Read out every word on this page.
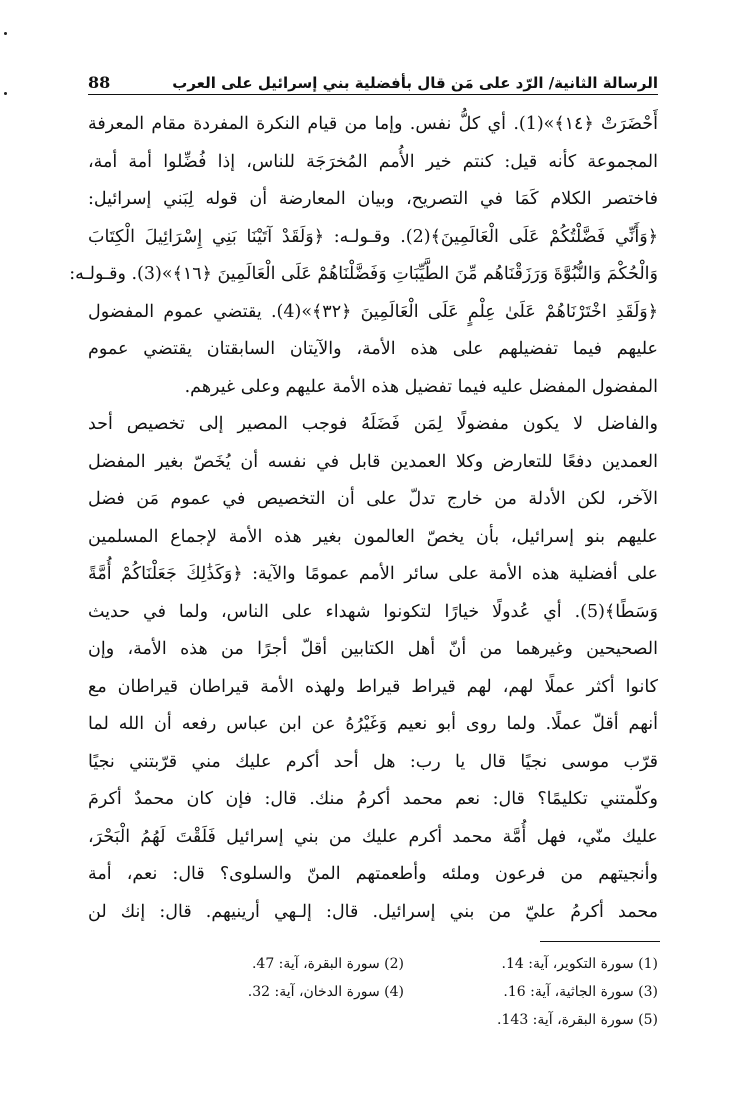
88	الرسالة الثانية/ الرّد على مَن قال بأفضلية بني إسرائيل على العرب
أَحْضَرَتْ ﴿١٤﴾»(1). أي كلُّ نفس. وإما من قيام النكرة المفردة مقام المعرفة
المجموعة كأنه قيل: كنتم خير الأُمم المُخرَجَة للناس، إذا فُضِّلوا أمة أمة،
فاختصر الكلام كَمَا في التصريح، وبيان المعارضة أن قوله لِبَني إسرائيل:
﴿وَأَنِّي فَضَّلْتُكُمْ عَلَى الْعَالَمِينَ﴾(2). وقـولـه: ﴿وَلَقَدْ آتَيْنَا بَنِي إِسْرَائِيلَ الْكِتَابَ
وَالْحُكْمَ وَالنُّبُوَّةَ وَرَزَقْنَاهُم مِّنَ الطَّيِّبَاتِ وَفَضَّلْنَاهُمْ عَلَى الْعَالَمِينَ ﴿١٦﴾»(3). وقـولـه:
﴿وَلَقَدِ اخْتَرْنَاهُمْ عَلَىٰ عِلْمٍ عَلَى الْعَالَمِينَ ﴿٣٢﴾»(4). يقتضي عموم المفضول
عليهم فيما تفضيلهم على هذه الأمة، والآيتان السابقتان يقتضي عموم
المفضول المفضل عليه فيما تفضيل هذه الأمة عليهم وعلى غيرهم.
والفاضل لا يكون مفضولًا لِمَن فَضَلَهُ فوجب المصير إلى تخصيص أحد
العمدين دفعًا للتعارض وكلا العمدين قابل في نفسه أن يُخَصّ بغير المفضل
الآخر، لكن الأدلة من خارج تدلّ على أن التخصيص في عموم مَن فضل
عليهم بنو إسرائيل، بأن يخصّ العالمون بغير هذه الأمة لإجماع المسلمين
على أفضلية هذه الأمة على سائر الأمم عمومًا والآية: ﴿وَكَذَٰلِكَ جَعَلْنَاكُمْ أُمَّةً
وَسَطًا﴾(5). أي عُدولًا خيارًا لتكونوا شهداء على الناس، ولما في حديث
الصحيحين وغيرهما من أنّ أهل الكتابين أقلّ أجرًا من هذه الأمة، وإن
كانوا أكثر عملًا لهم، لهم قيراط قيراط ولهذه الأمة قيراطان قيراطان مع
أنهم أقلّ عملًا. ولما روى أبو نعيم وَغَيْرُهُ عن ابن عباس رفعه أن الله لما
قرّب موسى نجيًا قال يا رب: هل أحد أكرم عليك مني قرّبتني نجيًا
وكلّمتني تكليمًا؟ قال: نعم محمد أكرمُ منك. قال: فإن كان محمدٌ أكرمَ
عليك منّي، فهل أُمَّة محمد أكرم عليك من بني إسرائيل فَلَقْتَ لَهُمُ الْبَحْرَ،
وأنجيتهم من فرعون وملئه وأطعمتهم المنّ والسلوى؟ قال: نعم، أمة
محمد أكرمُ عليّ من بني إسرائيل. قال: إلـهي أرينيهم. قال: إنك لن
(1) سورة التكوير، آية: 14.
(2) سورة البقرة، آية: 47.
(3) سورة الجاثية، آية: 16.
(4) سورة الدخان، آية: 32.
(5) سورة البقرة، آية: 143.
